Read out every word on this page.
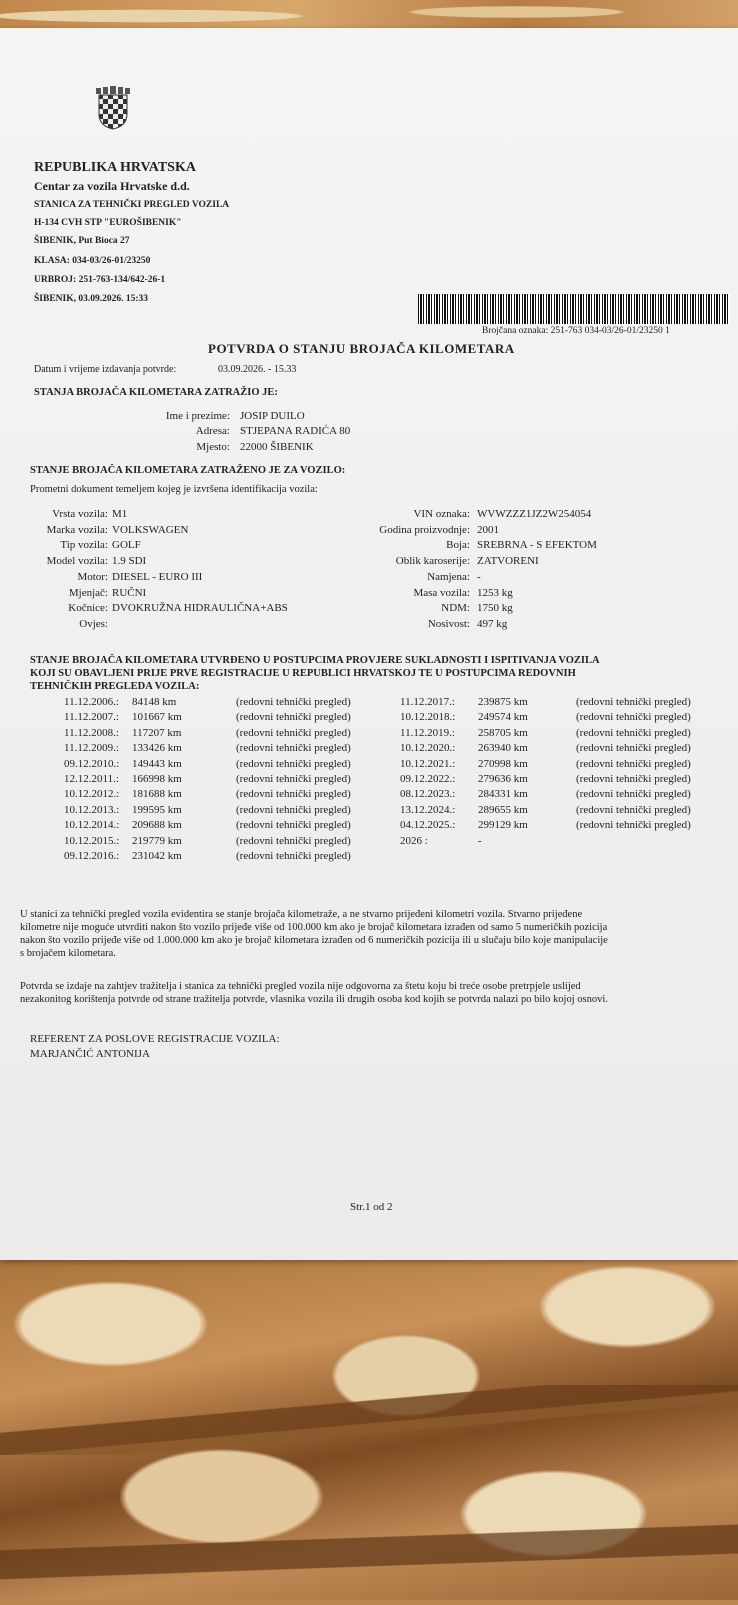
REPUBLIKA HRVATSKA
Centar za vozila Hrvatske d.d.
STANICA ZA TEHNIČKI PREGLED VOZILA
H-134 CVH STP "EUROŠIBENIK"
ŠIBENIK, Put Bioca 27
KLASA: 034-03/26-01/23250
URBROJ: 251-763-134/642-26-1
ŠIBENIK, 03.09.2026. 15:33
Brojčana oznaka: 251-763 034-03/26-01/23250 1
POTVRDA O STANJU BROJAČA KILOMETARA
Datum i vrijeme izdavanja potvrde:	03.09.2026. - 15.33
STANJA BROJAČA KILOMETARA ZATRAŽIO JE:
Ime i prezime: JOSIP DUILO
Adresa: STJEPANA RADIĆA 80
Mjesto: 22000 ŠIBENIK
STANJE BROJAČA KILOMETARA ZATRAŽENO JE ZA VOZILO:
Prometni dokument temeljem kojeg je izvršena identifikacija vozila:
Vrsta vozila: M1
Marka vozila: VOLKSWAGEN
Tip vozila: GOLF
Model vozila: 1.9 SDI
Motor: DIESEL - EURO III
Mjenjač: RUČNI
Kočnice: DVOKRUŽNA HIDRAULIČNA+ABS
Ovjes:
VIN oznaka: WVWZZZ1JZ2W254054
Godina proizvodnje: 2001
Boja: SREBRNA - S EFEKTOM
Oblik karoserije: ZATVORENI
Namjena: -
Masa vozila: 1253 kg
NDM: 1750 kg
Nosivost: 497 kg
STANJE BROJAČA KILOMETARA UTVRĐENO U POSTUPCIMA PROVJERE SUKLADNOSTI I ISPITIVANJA VOZILA
KOJI SU OBAVLJENI PRIJE PRVE REGISTRACIJE U REPUBLICI HRVATSKOJ TE U POSTUPCIMA REDOVNIH
TEHNIČKIH PREGLEDA VOZILA:
11.12.2006.: 84148 km	(redovni tehnički pregled)
11.12.2007.: 101667 km	(redovni tehnički pregled)
11.12.2008.: 117207 km	(redovni tehnički pregled)
11.12.2009.: 133426 km	(redovni tehnički pregled)
09.12.2010.: 149443 km	(redovni tehnički pregled)
12.12.2011.: 166998 km	(redovni tehnički pregled)
10.12.2012.: 181688 km	(redovni tehnički pregled)
10.12.2013.: 199595 km	(redovni tehnički pregled)
10.12.2014.: 209688 km	(redovni tehnički pregled)
10.12.2015.: 219779 km	(redovni tehnički pregled)
09.12.2016.: 231042 km	(redovni tehnički pregled)
11.12.2017.: 239875 km	(redovni tehnički pregled)
10.12.2018.: 249574 km	(redovni tehnički pregled)
11.12.2019.: 258705 km	(redovni tehnički pregled)
10.12.2020.: 263940 km	(redovni tehnički pregled)
10.12.2021.: 270998 km	(redovni tehnički pregled)
09.12.2022.: 279636 km	(redovni tehnički pregled)
08.12.2023.: 284331 km	(redovni tehnički pregled)
13.12.2024.: 289655 km	(redovni tehnički pregled)
04.12.2025.: 299129 km	(redovni tehnički pregled)
2026 :	-
U stanici za tehnički pregled vozila evidentira se stanje brojača kilometraže, a ne stvarno prijeđeni kilometri vozila. Stvarno prijeđene
kilometre nije moguće utvrditi nakon što vozilo prijeđe više od 100.000 km ako je brojač kilometara izrađen od samo 5 numeričkih pozicija
nakon što vozilo prijeđe više od 1.000.000 km ako je brojač kilometara izrađen od 6 numeričkih pozicija ili u slučaju bilo koje manipulacije
s brojačem kilometara.
Potvrda se izdaje na zahtjev tražitelja i stanica za tehnički pregled vozila nije odgovorna za štetu koju bi treće osobe pretrpjele uslijed
nezakonitog korištenja potvrde od strane tražitelja potvrde, vlasnika vozila ili drugih osoba kod kojih se potvrda nalazi po bilo kojoj osnovi.
REFERENT ZA POSLOVE REGISTRACIJE VOZILA:
MARJANČIĆ ANTONIJA
Str.1 od 2
